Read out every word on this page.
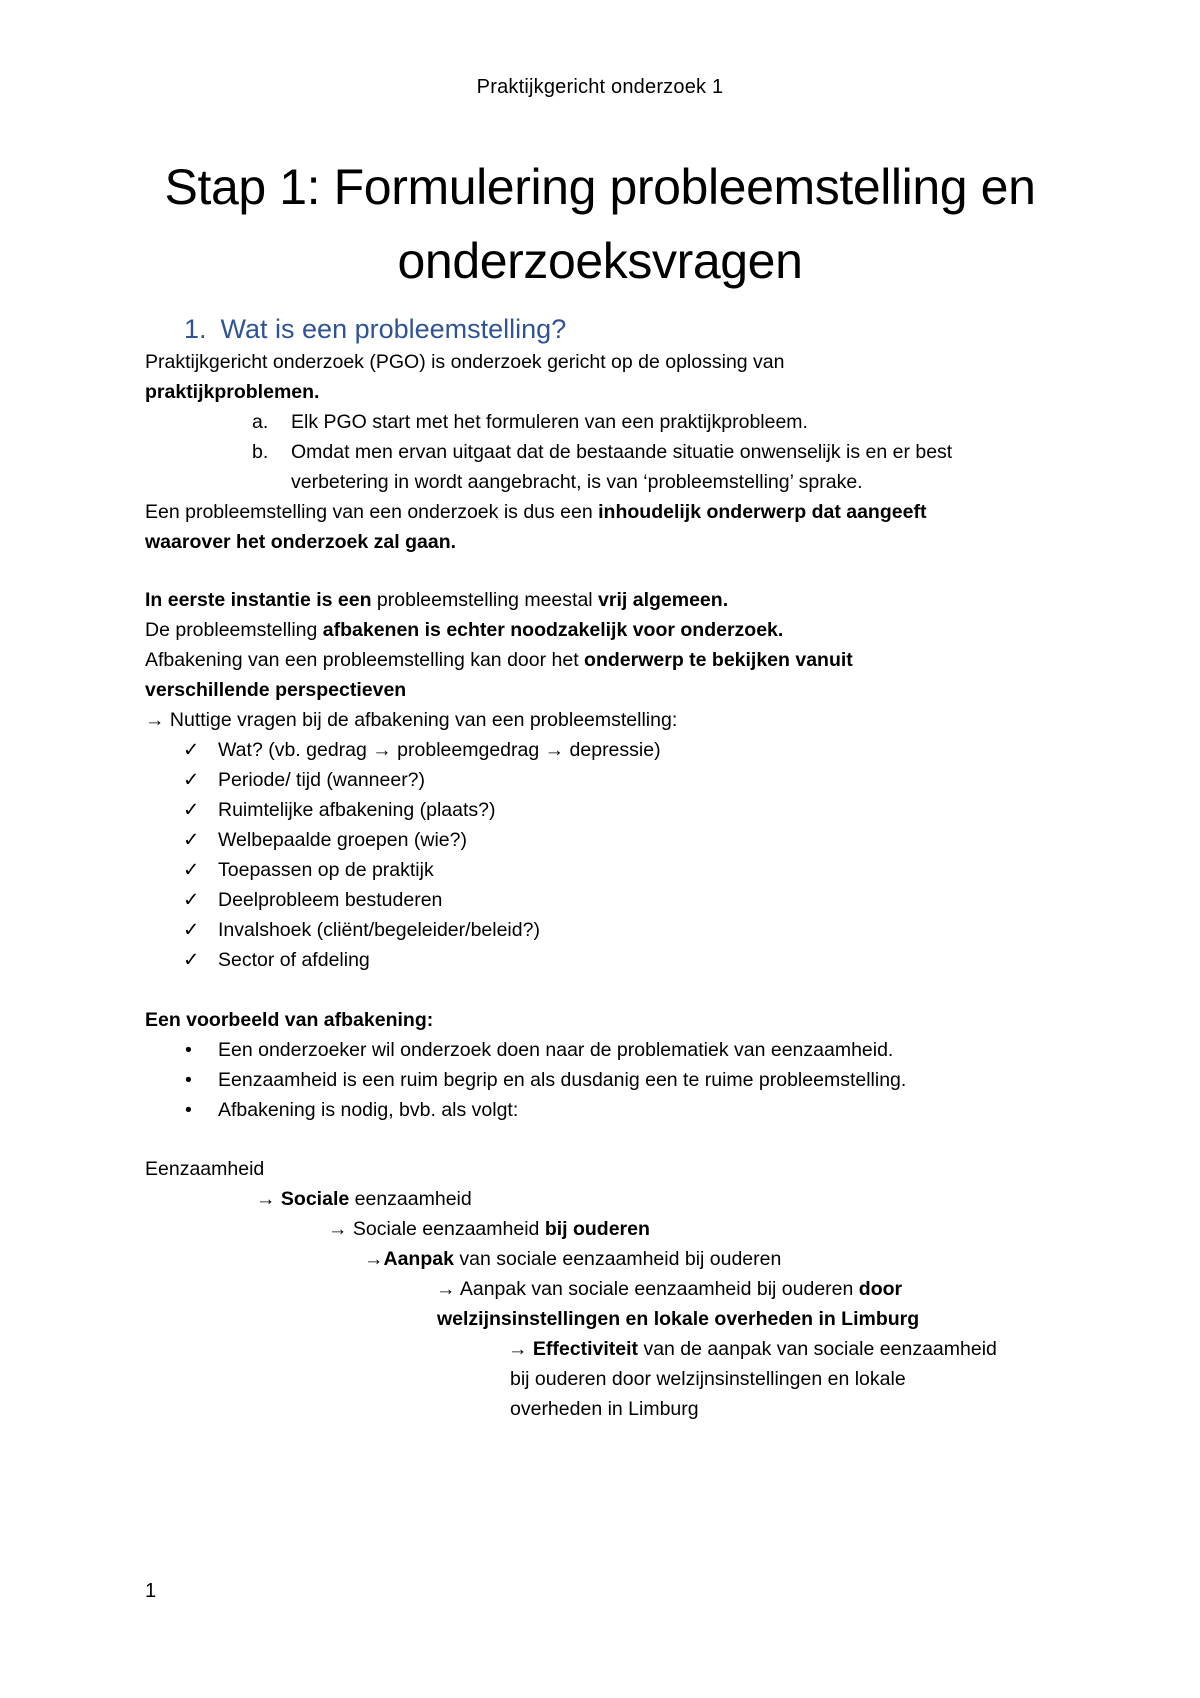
Praktijkgericht onderzoek 1
Stap 1: Formulering probleemstelling en
onderzoeksvragen
1. Wat is een probleemstelling?
Praktijkgericht onderzoek (PGO) is onderzoek gericht op de oplossing van
praktijkproblemen.
a. Elk PGO start met het formuleren van een praktijkprobleem.
b. Omdat men ervan uitgaat dat de bestaande situatie onwenselijk is en er best
verbetering in wordt aangebracht, is van ‘probleemstelling’ sprake.
Een probleemstelling van een onderzoek is dus een inhoudelijk onderwerp dat aangeeft
waarover het onderzoek zal gaan.
In eerste instantie is een probleemstelling meestal vrij algemeen.
De probleemstelling afbakenen is echter noodzakelijk voor onderzoek.
Afbakening van een probleemstelling kan door het onderwerp te bekijken vanuit
verschillende perspectieven
→ Nuttige vragen bij de afbakening van een probleemstelling:
✓ Wat? (vb. gedrag → probleemgedrag → depressie)
✓ Periode/ tijd (wanneer?)
✓ Ruimtelijke afbakening (plaats?)
✓ Welbepaalde groepen (wie?)
✓ Toepassen op de praktijk
✓ Deelprobleem bestuderen
✓ Invalshoek (cliënt/begeleider/beleid?)
✓ Sector of afdeling
Een voorbeeld van afbakening:
• Een onderzoeker wil onderzoek doen naar de problematiek van eenzaamheid.
• Eenzaamheid is een ruim begrip en als dusdanig een te ruime probleemstelling.
• Afbakening is nodig, bvb. als volgt:
Eenzaamheid
→ Sociale eenzaamheid
→ Sociale eenzaamheid bij ouderen
→Aanpak van sociale eenzaamheid bij ouderen
→ Aanpak van sociale eenzaamheid bij ouderen door
welzijnsinstellingen en lokale overheden in Limburg
→ Effectiviteit van de aanpak van sociale eenzaamheid
bij ouderen door welzijnsinstellingen en lokale
overheden in Limburg
1
